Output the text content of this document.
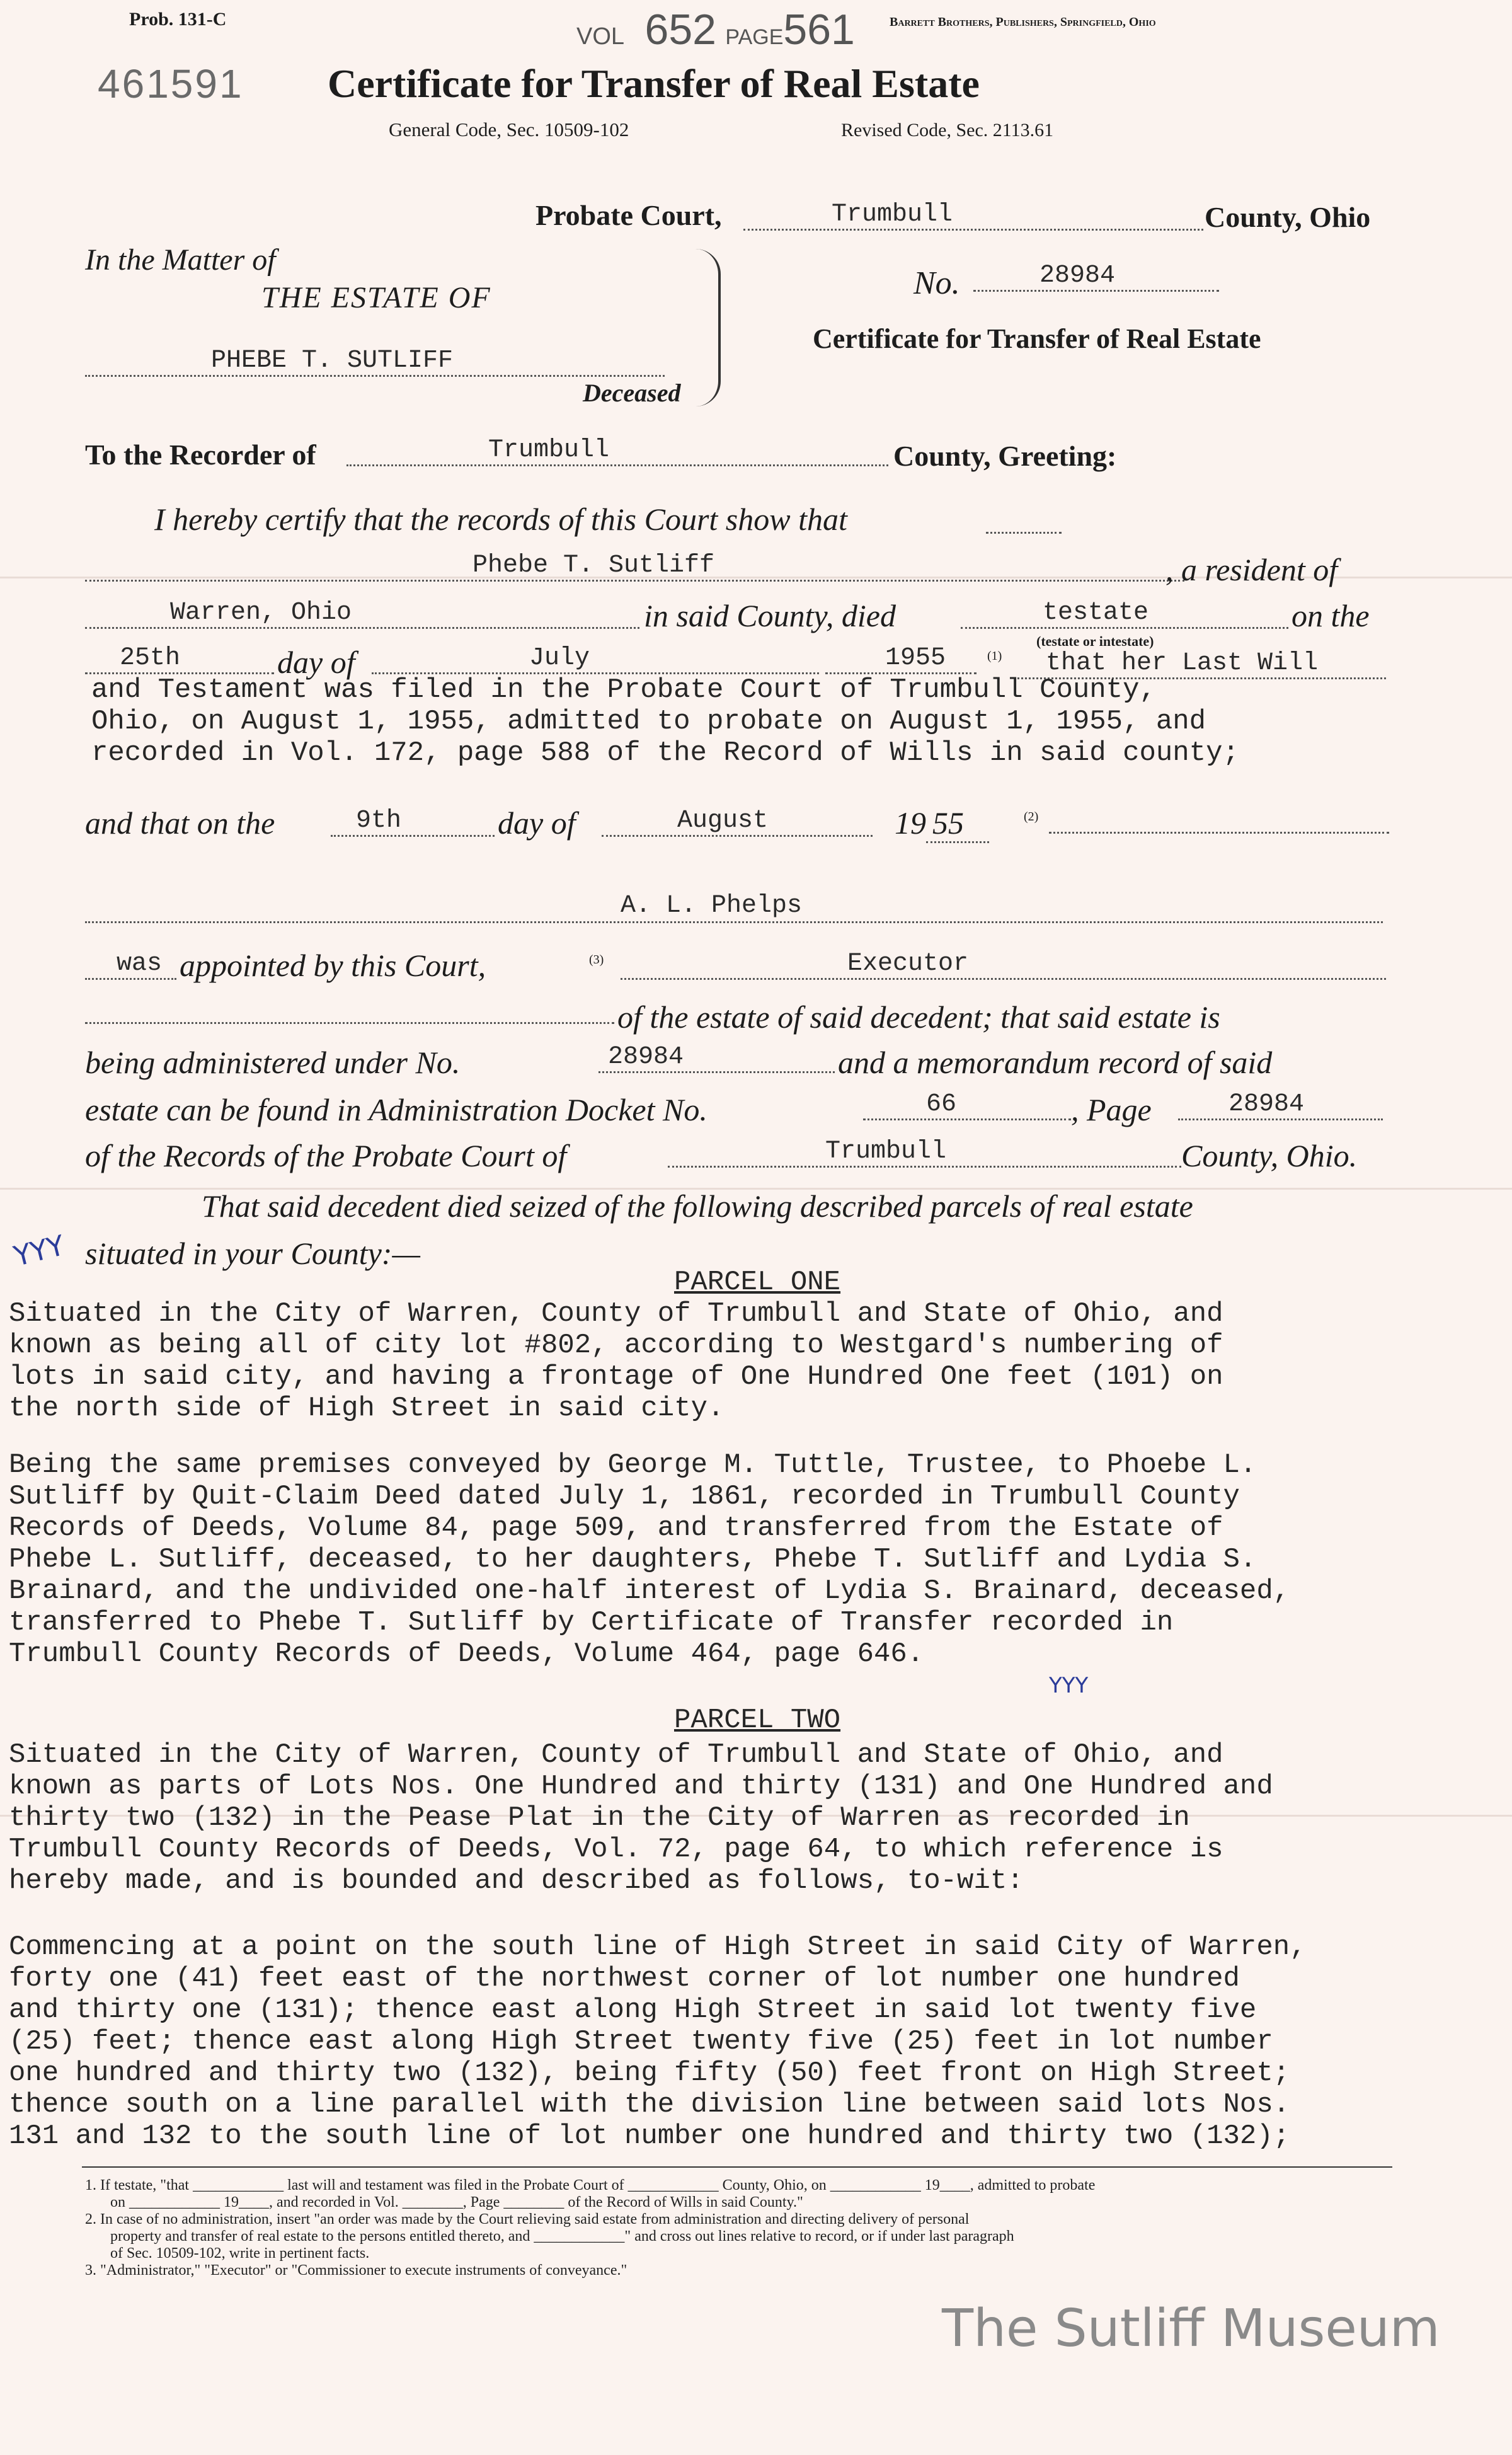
Prob. 131-C
VOL 652 PAGE561	Barrett Brothers, Publishers, Springfield, Ohio
461591 Certificate for Transfer of Real Estate
General Code, Sec. 10509-102	Revised Code, Sec. 2113.61
Probate Court,	Trumbull	County, Ohio
In the Matter of
THE ESTATE OF
PHEBE T. SUTLIFF
Deceased
No.	28984
Certificate for Transfer of Real Estate
To the Recorder of	Trumbull	County, Greeting:
I hereby certify that the records of this Court show that
Phebe T. Sutliff	, a resident of
Warren, Ohio	in said County, died	testate	on the
25th	day of	July	1955	(1)
(testate or intestate)
that her Last Will
and Testament was filed in the Probate Court of Trumbull County,
Ohio, on August 1, 1955, admitted to probate on August 1, 1955, and
recorded in Vol. 172, page 588 of the Record of Wills in said county;
and that on the	9th	day of	August	19 55	(2)
A. L. Phelps
was appointed by this Court,	(3)	Executor
of the estate of said decedent; that said estate is
being administered under No.	28984	and a memorandum record of said
estate can be found in Administration Docket No.	66	, Page	28984
of the Records of the Probate Court of	Trumbull	County, Ohio.
That said decedent died seized of the following described parcels of real estate
YYY situated in your County:—
PARCEL ONE
Situated in the City of Warren, County of Trumbull and State of Ohio, and
known as being all of city lot #802, according to Westgard's numbering of
lots in said city, and having a frontage of One Hundred One feet (101) on
the north side of High Street in said city.
Being the same premises conveyed by George M. Tuttle, Trustee, to Phoebe L.
Sutliff by Quit-Claim Deed dated July 1, 1861, recorded in Trumbull County
Records of Deeds, Volume 84, page 509, and transferred from the Estate of
Phebe L. Sutliff, deceased, to her daughters, Phebe T. Sutliff and Lydia S.
Brainard, and the undivided one-half interest of Lydia S. Brainard, deceased,
transferred to Phebe T. Sutliff by Certificate of Transfer recorded in
Trumbull County Records of Deeds, Volume 464, page 646.
YYY
PARCEL TWO
Situated in the City of Warren, County of Trumbull and State of Ohio, and
known as parts of Lots Nos. One Hundred and thirty (131) and One Hundred and
thirty two (132) in the Pease Plat in the City of Warren as recorded in
Trumbull County Records of Deeds, Vol. 72, page 64, to which reference is
hereby made, and is bounded and described as follows, to-wit:
Commencing at a point on the south line of High Street in said City of Warren,
forty one (41) feet east of the northwest corner of lot number one hundred
and thirty one (131); thence east along High Street in said lot twenty five
(25) feet; thence east along High Street twenty five (25) feet in lot number
one hundred and thirty two (132), being fifty (50) feet front on High Street;
thence south on a line parallel with the division line between said lots Nos.
131 and 132 to the south line of lot number one hundred and thirty two (132);
1. If testate, "that ____________ last will and testament was filed in the Probate Court of ____________ County, Ohio, on ____________ 19____, admitted to probate
on ____________ 19____, and recorded in Vol. ________, Page ________ of the Record of Wills in said County."
2. In case of no administration, insert "an order was made by the Court relieving said estate from administration and directing delivery of personal
property and transfer of real estate to the persons entitled thereto, and ____________" and cross out lines relative to record, or if under last paragraph
of Sec. 10509-102, write in pertinent facts.
3. "Administrator," "Executor" or "Commissioner to execute instruments of conveyance."
The Sutliff Museum
